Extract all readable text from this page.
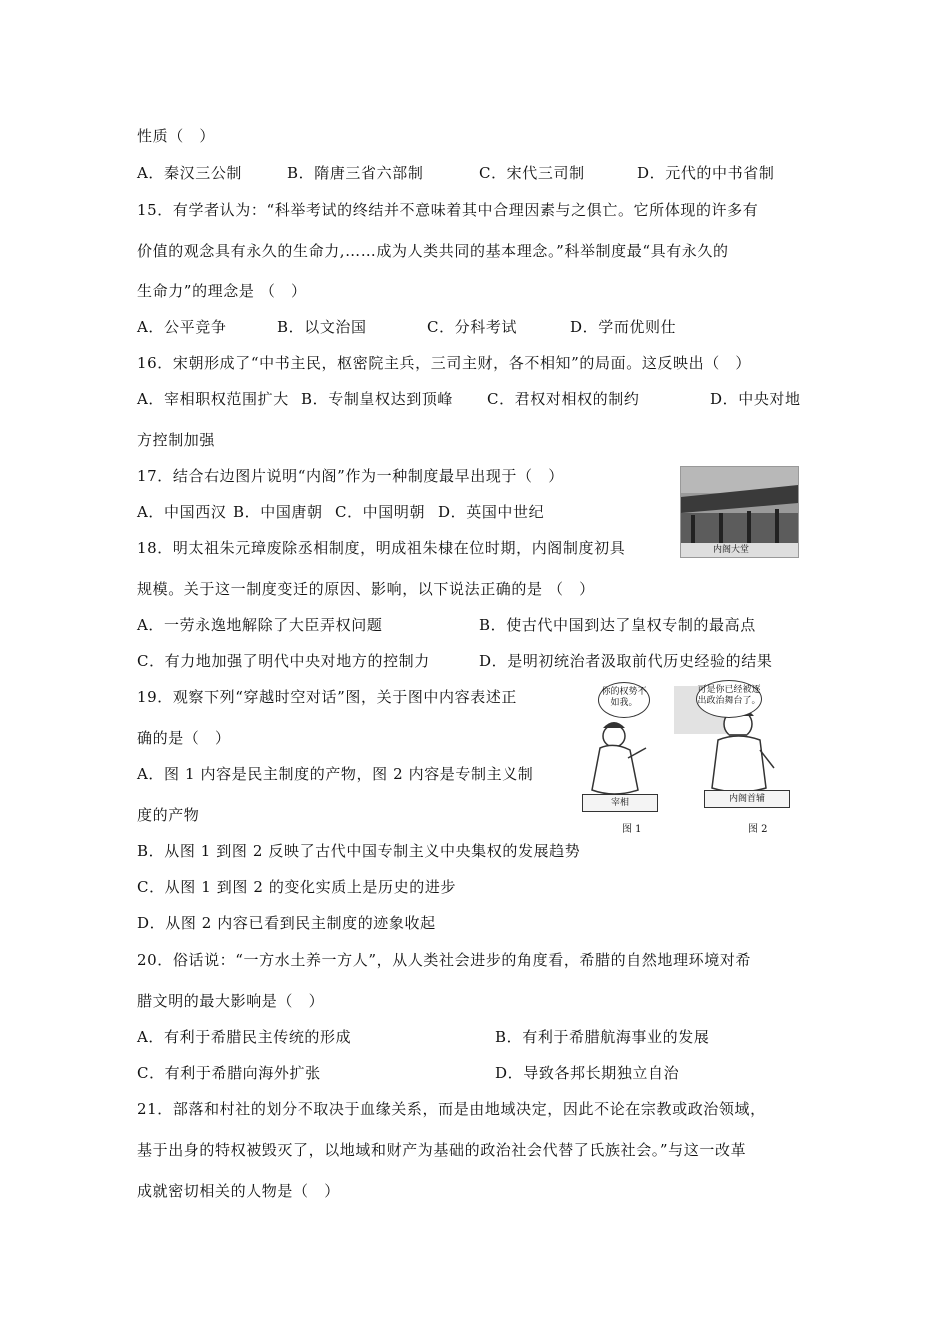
性质（　）
A．秦汉三公制	B．隋唐三省六部制	C．宋代三司制	D．元代的中书省制
15．有学者认为：“科举考试的终结并不意味着其中合理因素与之俱亡。它所体现的许多有
价值的观念具有永久的生命力,……成为人类共同的基本理念。”科举制度最“具有永久的
生命力”的理念是 （　）
A．公平竞争	B．以文治国	C．分科考试	D．学而优则仕
16．宋朝形成了“中书主民，枢密院主兵，三司主财，各不相知”的局面。这反映出（　）
A．宰相职权范围扩大 B．专制皇权达到顶峰 C．君权对相权的制约	D．中央对地
方控制加强
17．结合右边图片说明“内阁”作为一种制度最早出现于（　）
A．中国西汉 B．中国唐朝 C．中国明朝 D．英国中世纪
内阁大堂
18．明太祖朱元璋废除丞相制度，明成祖朱棣在位时期，内阁制度初具
规模。关于这一制度变迁的原因、影响，以下说法正确的是 （　）
A．一劳永逸地解除了大臣弄权问题	B．使古代中国到达了皇权专制的最高点
C．有力地加强了明代中央对地方的控制力	D．是明初统治者汲取前代历史经验的结果
19．观察下列“穿越时空对话”图，关于图中内容表述正
确的是（　）
A．图 1 内容是民主制度的产物，图 2 内容是专制主义制
度的产物
B．从图 1 到图 2 反映了古代中国专制主义中央集权的发展趋势
C．从图 1 到图 2 的变化实质上是历史的进步
D．从图 2 内容已看到民主制度的迹象收起
你的权势不如我。
可是你已经被逐出政治舞台了。
宰相	内阁首辅
图 1	图 2
20．俗话说：“一方水土养一方人”，从人类社会进步的角度看，希腊的自然地理环境对希
腊文明的最大影响是（　）
A．有利于希腊民主传统的形成	B．有利于希腊航海事业的发展
C．有利于希腊向海外扩张	D．导致各邦长期独立自治
21．部落和村社的划分不取决于血缘关系，而是由地域决定，因此不论在宗教或政治领域，
基于出身的特权被毁灭了，以地域和财产为基础的政治社会代替了氏族社会。”与这一改革
成就密切相关的人物是（　）
